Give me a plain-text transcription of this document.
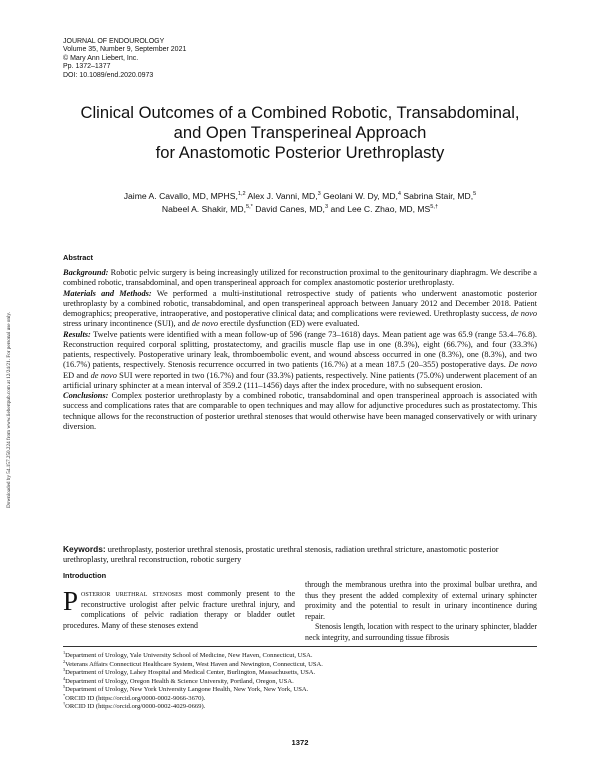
JOURNAL OF ENDOUROLOGY
Volume 35, Number 9, September 2021
© Mary Ann Liebert, Inc.
Pp. 1372–1377
DOI: 10.1089/end.2020.0973
Clinical Outcomes of a Combined Robotic, Transabdominal,
and Open Transperineal Approach
for Anastomotic Posterior Urethroplasty
Jaime A. Cavallo, MD, MPHS,$^{1,2}$ Alex J. Vanni, MD,$^3$ Geolani W. Dy, MD,$^4$ Sabrina Stair, MD,$^5$
Nabeel A. Shakir, MD,$^{5,*}$ David Canes, MD,$^3$ and Lee C. Zhao, MD, $MS^{5,\dagger}$
Downloaded by 54.157.250.224 from www.liebertpub.com at 12/24/21. For personal use only.
Abstract

Background: Robotic pelvic surgery is being increasingly utilized for reconstruction proximal to the genitourinary diaphragm. We describe a combined robotic, transabdominal, and open transperineal approach for complex anastomotic posterior urethroplasty.

Materials and Methods: We performed a multi-institutional retrospective study of patients who underwent anastomotic posterior urethroplasty by a combined robotic, transabdominal, and open transperineal approach between January 2012 and December 2018. Patient demographics; preoperative, intraoperative, and postoperative clinical data; and complications were reviewed. Urethroplasty success, de novo stress urinary incontinence (SUI), and de novo erectile dysfunction (ED) were evaluated.

Results: Twelve patients were identified with a mean follow-up of 596 (range 73–1618) days. Mean patient age was 65.9 (range 53.4–76.8). Reconstruction required corporal splitting, prostatectomy, and gracilis muscle flap use in one (8.3%), eight (66.7%), and four (33.3%) patients, respectively. Postoperative urinary leak, thromboembolic event, and wound abscess occurred in one (8.3%), one (8.3%), and two (16.7%) patients, respectively. Stenosis recurrence occurred in two patients (16.7%) at a mean 187.5 (20–355) postoperative days. De novo ED and de novo SUI were reported in two (16.7%) and four (33.3%) patients, respectively. Nine patients (75.0%) underwent placement of an artificial urinary sphincter at a mean interval of 359.2 (111–1456) days after the index procedure, with no subsequent erosion.

Conclusions: Complex posterior urethroplasty by a combined robotic, transabdominal and open transperineal approach is associated with success and complications rates that are comparable to open techniques and may allow for adjunctive procedures such as prostatectomy. This technique allows for the reconstruction of posterior urethral stenoses that would otherwise have been managed conservatively or with urinary diversion.

Keywords: urethroplasty, posterior urethral stenosis, prostatic urethral stenosis, radiation urethral stricture, anastomotic posterior urethroplasty, urethral reconstruction, robotic surgery
Introduction

Posterior urethral stenoses most commonly present to the reconstructive urologist after pelvic fracture urethral injury, and complications of pelvic radiation therapy or bladder outlet procedures. Many of these stenoses extend

through the membranous urethra into the proximal bulbar urethra, and thus they present the added complexity of external urinary sphincter proximity and the potential to result in urinary incontinence during repair.

Stenosis length, location with respect to the urinary sphincter, bladder neck integrity, and surrounding tissue fibrosis

$^1$Department of Urology, Yale University School of Medicine, New Haven, Connecticut, USA.
$^2$Veterans Affairs Connecticut Healthcare System, West Haven and Newington, Connecticut, USA.
$^3$Department of Urology, Lahey Hospital and Medical Center, Burlington, Massachusetts, USA.
$^4$Department of Urology, Oregon Health & Science University, Portland, Oregon, USA.
$^5$Department of Urology, New York University Langone Health, New York, New York, USA.
*ORCID ID (https://orcid.org/0000-0002-9066-3670).
†ORCID ID (https://orcid.org/0000-0002-4029-0669).
1372
